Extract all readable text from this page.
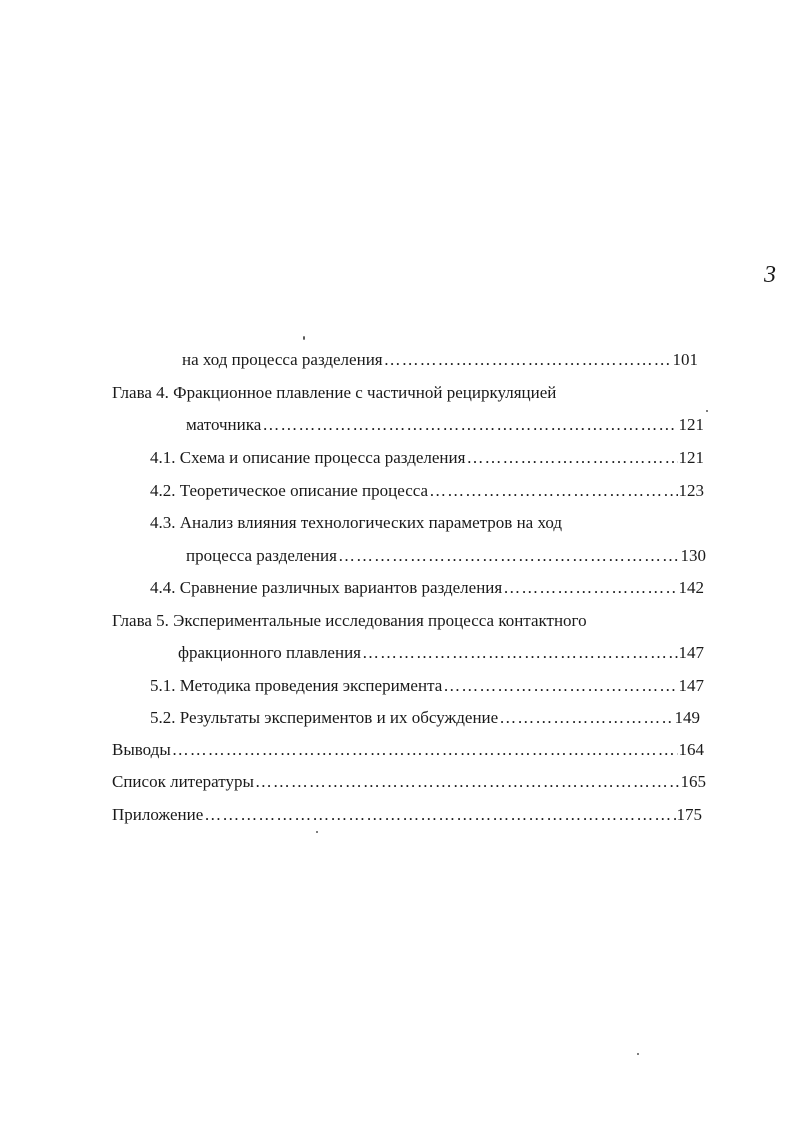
3
на ход процесса разделения ………………………………………………………………………………………………………………………………………………	101
Глава 4. Фракционное плавление с частичной рециркуляцией
маточника ………………………………………………………………………………………………………………………………………………	121
4.1. Схема и описание процесса разделения ………………………………………………………………………………………………………………………………………………	121
4.2. Теоретическое описание процесса ………………………………………………………………………………………………………………………………………………	123
4.3. Анализ влияния технологических параметров на ход
процесса разделения ………………………………………………………………………………………………………………………………………………	130
4.4. Сравнение различных вариантов разделения ………………………………………………………………………………………………………………………………………………	142
Глава 5. Экспериментальные исследования процесса контактного
фракционного плавления ………………………………………………………………………………………………………………………………………………	147
5.1. Методика проведения эксперимента ………………………………………………………………………………………………………………………………………………	147
5.2. Результаты экспериментов и их обсуждение ………………………………………………………………………………………………………………………………………………	149
Выводы ………………………………………………………………………………………………………………………………………………	164
Список литературы ………………………………………………………………………………………………………………………………………………	165
Приложение ………………………………………………………………………………………………………………………………………………	175
